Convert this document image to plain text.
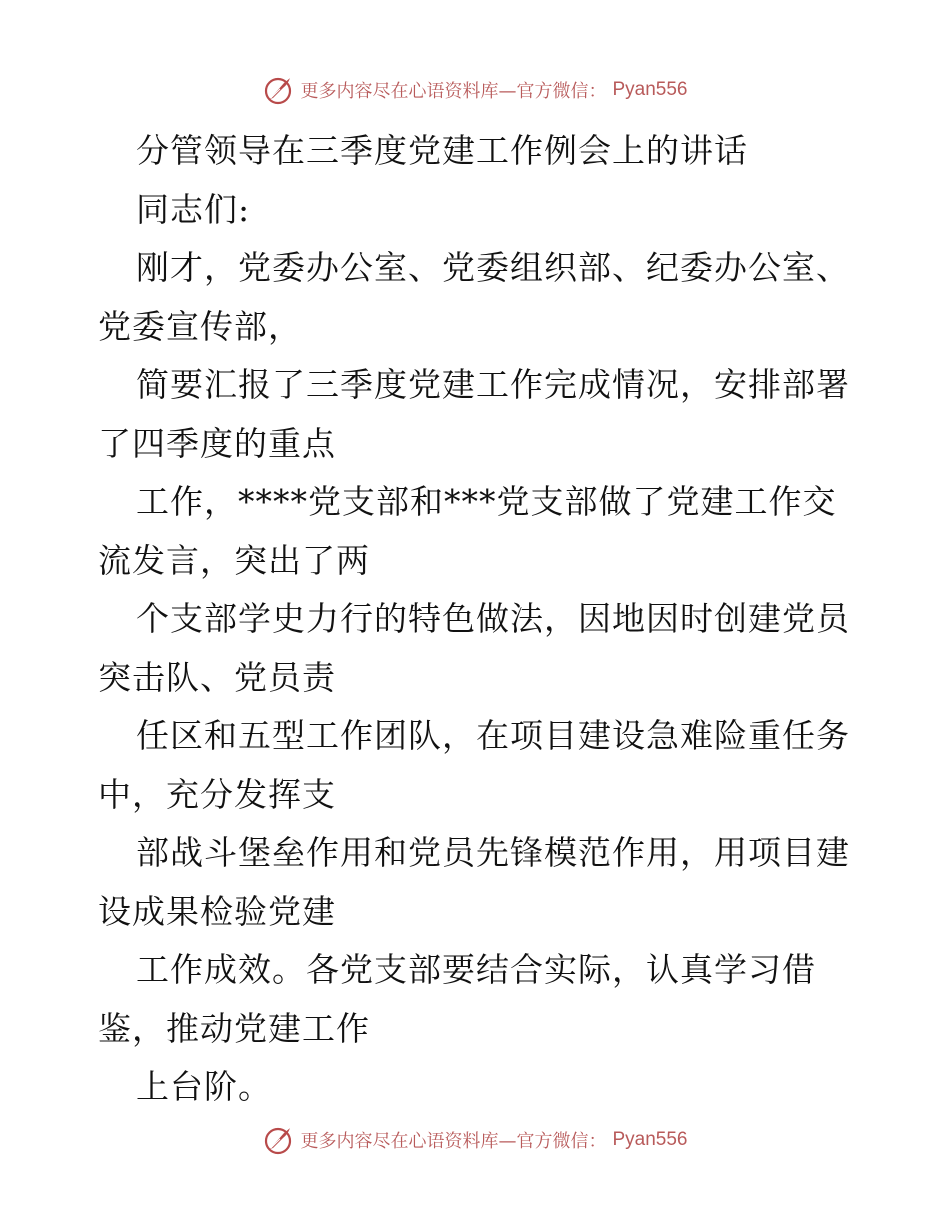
更多内容尽在心语资料库—官方微信： Pyan556
分管领导在三季度党建工作例会上的讲话
同志们:
刚才，党委办公室、党委组织部、纪委办公室、
党委宣传部，
简要汇报了三季度党建工作完成情况，安排部署
了四季度的重点
工作，****党支部和***党支部做了党建工作交
流发言，突出了两
个支部学史力行的特色做法，因地因时创建党员
突击队、党员责
任区和五型工作团队，在项目建设急难险重任务
中，充分发挥支
部战斗堡垒作用和党员先锋模范作用，用项目建
设成果检验党建
工作成效。各党支部要结合实际，认真学习借
鉴，推动党建工作
上台阶。
更多内容尽在心语资料库—官方微信： Pyan556
